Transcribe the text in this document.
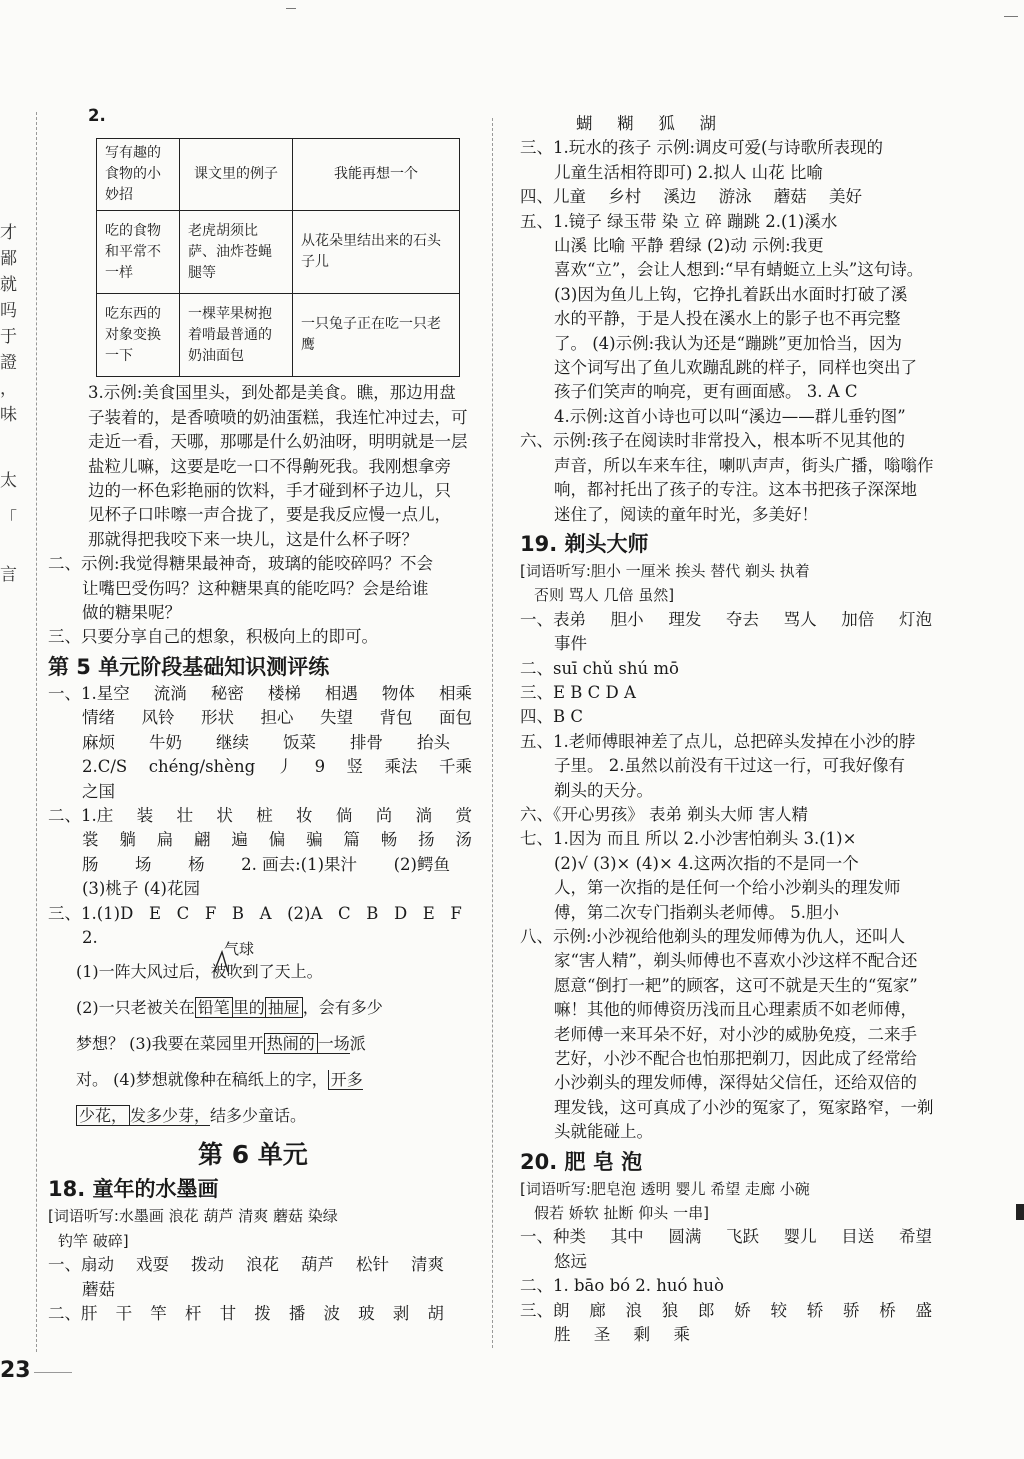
才
鄙
就
吗
于
證
，
味
太
「
言
2.
写有趣的食物的小妙招	课文里的例子	我能再想一个
吃的食物和平常不一样	老虎胡须比萨、油炸苍蝇腿等	从花朵里结出来的石头子儿
吃东西的对象变换一下	一棵苹果树抱着啃最普通的奶油面包	一只兔子正在吃一只老鹰
3.示例:美食国里头，到处都是美食。瞧，那边用盘
子装着的，是香喷喷的奶油蛋糕，我连忙冲过去，可
走近一看，天哪，那哪是什么奶油呀，明明就是一层
盐粒儿嘛，这要是吃一口不得齁死我。我刚想拿旁
边的一杯色彩艳丽的饮料，手才碰到杯子边儿，只
见杯子口咔嚓一声合拢了，要是我反应慢一点儿，
那就得把我咬下来一块儿，这是什么杯子呀？
二、示例:我觉得糖果最神奇，玻璃的能咬碎吗？不会
让嘴巴受伤吗？这种糖果真的能吃吗？会是给谁
做的糖果呢？
三、只要分享自己的想象，积极向上的即可。
第 5 单元阶段基础知识测评练
一、1.星空 流淌 秘密 楼梯 相遇 物体 相乘
情绪 风铃 形状 担心 失望 背包 面包
麻烦 牛奶 继续 饭菜 排骨 抬头
2.C/S chéng/shèng 丿 9 竖 乘法 千乘
之国
二、1.庄 装 壮 状 桩 妆 倘 尚 淌 赏
裳 躺 扁 翩 遍 偏 骗 篇 畅 扬 汤
肠 场 杨 2. 画去:(1)果汁 (2)鳄鱼
(3)桃子 (4)花园
三、1.(1)D E C F B A (2)A C B D E F
2.
气球
(1)一阵大风过后，被吹到了天上。
(2)一只老被关在 铅笔 里的 抽屉 ，会有多少
梦想？ (3)我要在菜园里开 热闹的 一场派
对。 (4)梦想就像种在稿纸上的字， 开多
少花， 发多少芽，结多少童话。
第 6 单元
18. 童年的水墨画
[词语听写:水墨画 浪花 葫芦 清爽 蘑菇 染绿
钓竿 破碎]
一、扇动 戏耍 拨动 浪花 葫芦 松针 清爽
蘑菇
二、肝 干 竿 杆 甘 拨 播 波 玻 剥 胡
蝴 糊 狐 湖
三、1.玩水的孩子 示例:调皮可爱(与诗歌所表现的
儿童生活相符即可) 2.拟人 山花 比喻
四、儿童 乡村 溪边 游泳 蘑菇 美好
五、1.镜子 绿玉带 染 立 碎 蹦跳 2.(1)溪水
山溪 比喻 平静 碧绿 (2)动 示例:我更
喜欢“立”，会让人想到:“早有蜻蜓立上头”这句诗。
(3)因为鱼儿上钩，它挣扎着跃出水面时打破了溪
水的平静，于是人投在溪水上的影子也不再完整
了。 (4)示例:我认为还是“蹦跳”更加恰当，因为
这个词写出了鱼儿欢蹦乱跳的样子，同样也突出了
孩子们笑声的响亮，更有画面感。 3. A C
4.示例:这首小诗也可以叫“溪边——群儿垂钓图”
六、示例:孩子在阅读时非常投入，根本听不见其他的
声音，所以车来车往，喇叭声声，街头广播，嗡嗡作
响，都衬托出了孩子的专注。这本书把孩子深深地
迷住了，阅读的童年时光，多美好！
19. 剃头大师
[词语听写:胆小 一厘米 挨头 替代 剃头 执着
否则 骂人 几倍 虽然]
一、表弟 胆小 理发 夺去 骂人 加倍 灯泡
事件
二、suī chǔ shú mō
三、E B C D A
四、B C
五、1.老师傅眼神差了点儿，总把碎头发掉在小沙的脖
子里。 2.虽然以前没有干过这一行，可我好像有
剃头的天分。
六、《开心男孩》 表弟 剃头大师 害人精
七、1.因为 而且 所以 2.小沙害怕剃头 3.(1)×
(2)√ (3)× (4)× 4.这两次指的不是同一个
人，第一次指的是任何一个给小沙剃头的理发师
傅，第二次专门指剃头老师傅。 5.胆小
八、示例:小沙视给他剃头的理发师傅为仇人，还叫人
家“害人精”，剃头师傅也不喜欢小沙这样不配合还
愿意“倒打一耙”的顾客，这可不就是天生的“冤家”
嘛！其他的师傅资历浅而且心理素质不如老师傅，
老师傅一来耳朵不好，对小沙的威胁免疫，二来手
艺好，小沙不配合也怕那把剃刀，因此成了经常给
小沙剃头的理发师傅，深得姑父信任，还给双倍的
理发钱，这可真成了小沙的冤家了，冤家路窄，一剃
头就能碰上。
20. 肥 皂 泡
[词语听写:肥皂泡 透明 婴儿 希望 走廊 小碗
假若 娇软 扯断 仰头 一串]
一、种类 其中 圆满 飞跃 婴儿 目送 希望
悠远
二、1. bāo bó 2. huó huò
三、朗 廊 浪 狼 郎 娇 较 轿 骄 桥 盛
胜 圣 剩 乘
23
